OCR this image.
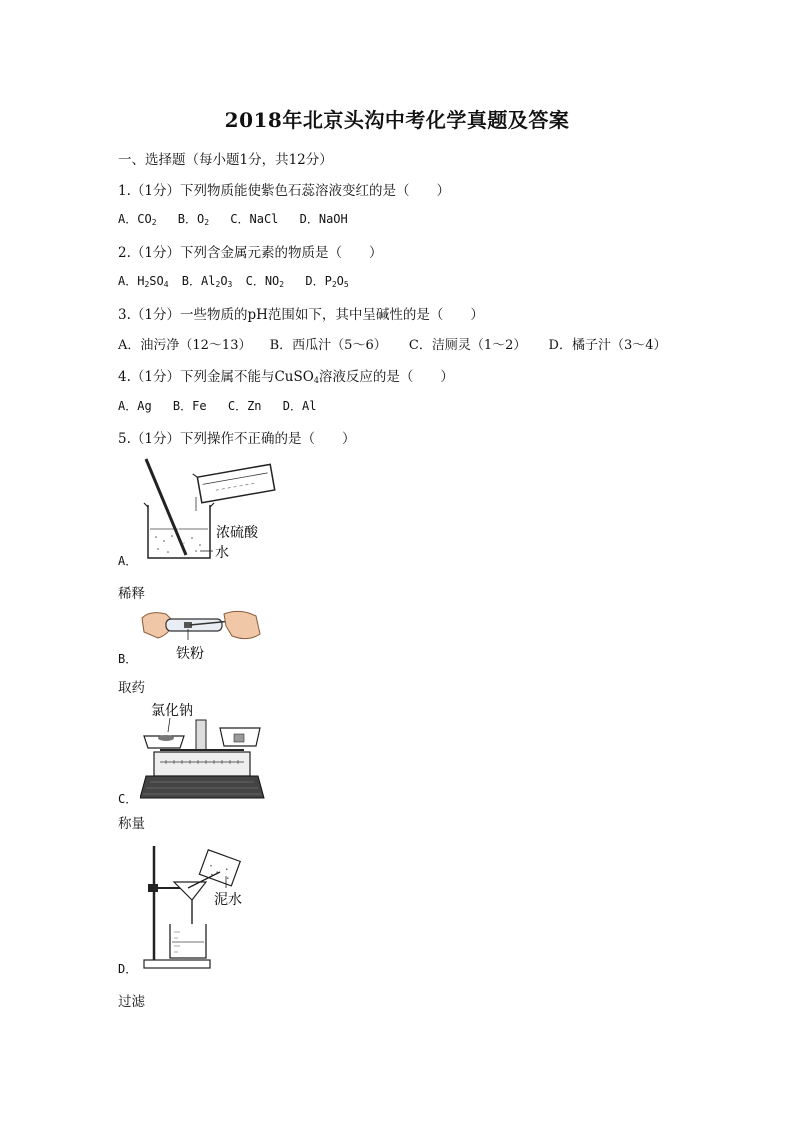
2018年北京头沟中考化学真题及答案
一、选择题（每小题1分，共12分）
1.（1分）下列物质能使紫色石蕊溶液变红的是（　　）
A．$CO_2$ B．$O_2$ C．NaCl D．NaOH
2.（1分）下列含金属元素的物质是（　　）
A．$H_2SO_4$ B．$Al_2O_3$ C．$NO_2$ D．$P_2O_5$
3.（1分）一些物质的pH范围如下，其中呈碱性的是（　　）
A．油污净（12～13） B．西瓜汁（5～6） C．洁厕灵（1～2） D．橘子汁（3～4）
4.（1分）下列金属不能与CuSO$_4$溶液反应的是（　　）
A．Ag B．Fe C．Zn D．Al
5.（1分）下列操作不正确的是（　　）
浓硫酸
水
A．
稀释
铁粉
B．
取药
氯化钠
C．
称量
泥水
D．
过滤
